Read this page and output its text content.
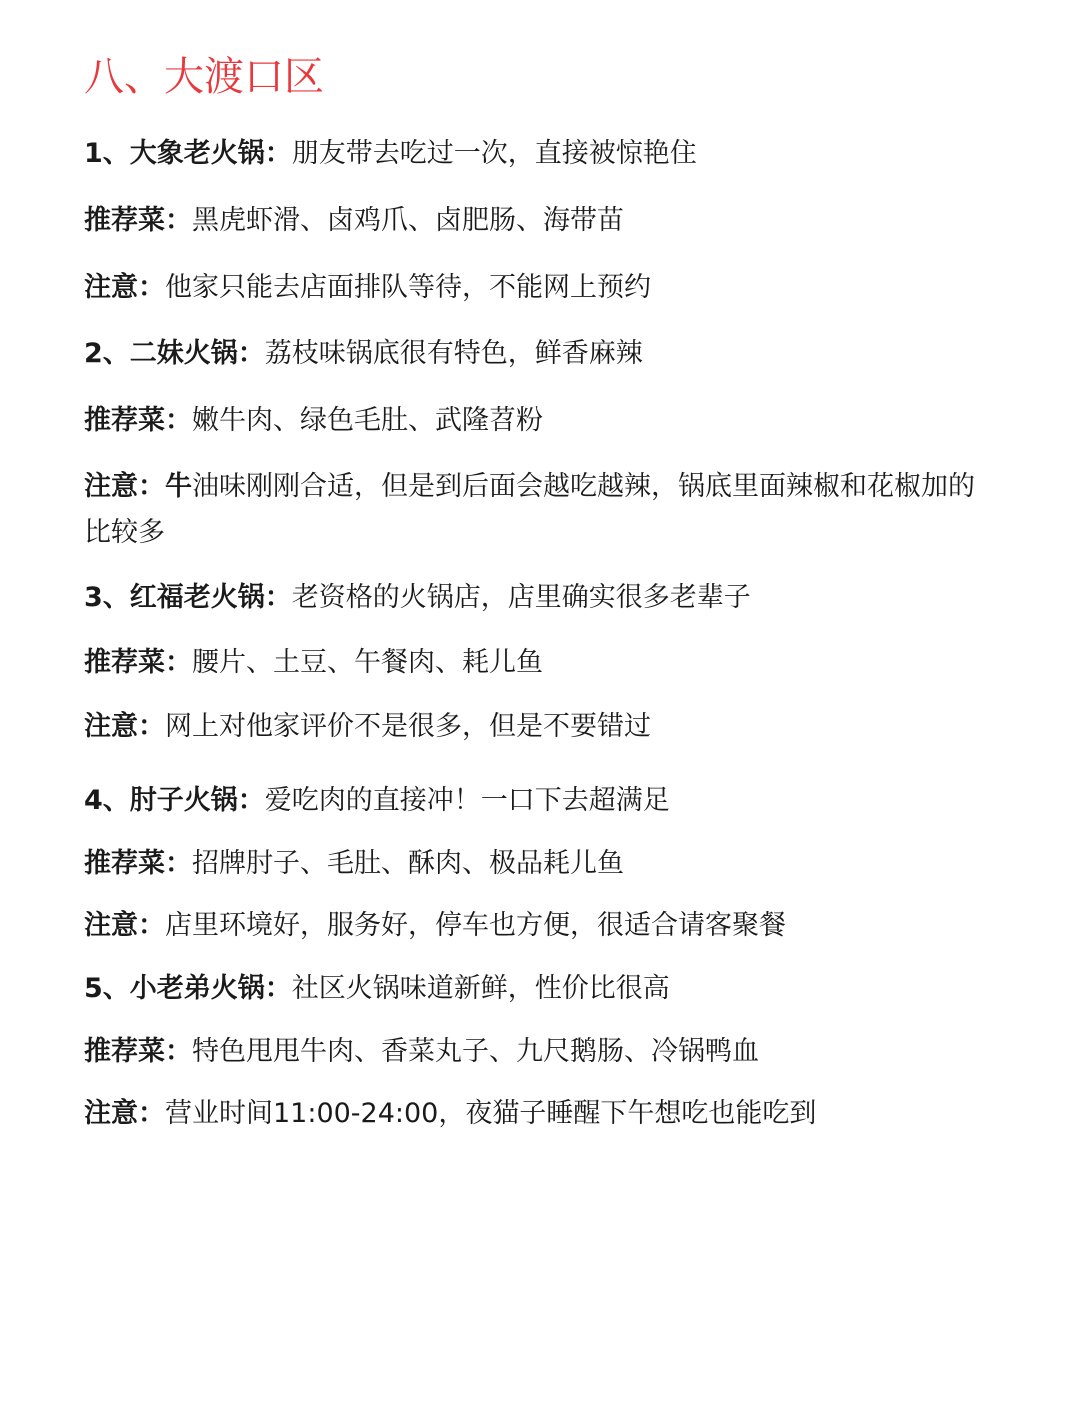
八、大渡口区
1、大象老火锅：朋友带去吃过一次，直接被惊艳住
推荐菜：黑虎虾滑、卤鸡爪、卤肥肠、海带苗
注意：他家只能去店面排队等待，不能网上预约
2、二妹火锅：荔枝味锅底很有特色，鲜香麻辣
推荐菜：嫩牛肉、绿色毛肚、武隆苕粉
注意：牛油味刚刚合适，但是到后面会越吃越辣，锅底里面辣椒和花椒加的比较多
3、红福老火锅：老资格的火锅店，店里确实很多老辈子
推荐菜：腰片、土豆、午餐肉、耗儿鱼
注意：网上对他家评价不是很多，但是不要错过
4、肘子火锅：爱吃肉的直接冲！一口下去超满足
推荐菜：招牌肘子、毛肚、酥肉、极品耗儿鱼
注意：店里环境好，服务好，停车也方便，很适合请客聚餐
5、小老弟火锅：社区火锅味道新鲜，性价比很高
推荐菜：特色甩甩牛肉、香菜丸子、九尺鹅肠、冷锅鸭血
注意：营业时间11:00-24:00，夜猫子睡醒下午想吃也能吃到
